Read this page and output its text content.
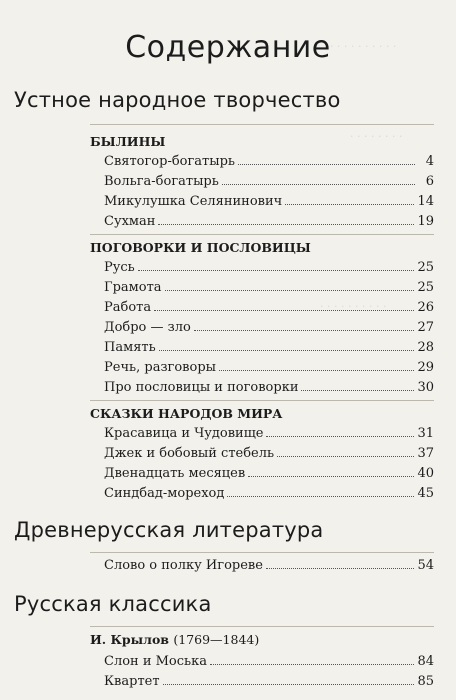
· · · · · · · · · ·
· · · · · · · ·
· · · · · · · · · ·
Содержание
Устное народное творчество
БЫЛИНЫ
Святогор-богатырь	4
Вольга-богатырь	6
Микулушка Селянинович	14
Сухман	19
ПОГОВОРКИ И ПОСЛОВИЦЫ
Русь	25
Грамота	25
Работа	26
Добро — зло	27
Память	28
Речь, разговоры	29
Про пословицы и поговорки	30
СКАЗКИ НАРОДОВ МИРА
Красавица и Чудовище	31
Джек и бобовый стебель	37
Двенадцать месяцев	40
Синдбад-мореход	45
Древнерусская литература
Слово о полку Игореве	54
Русская классика
И. Крылов (1769—1844)
Слон и Моська	84
Квартет	85
